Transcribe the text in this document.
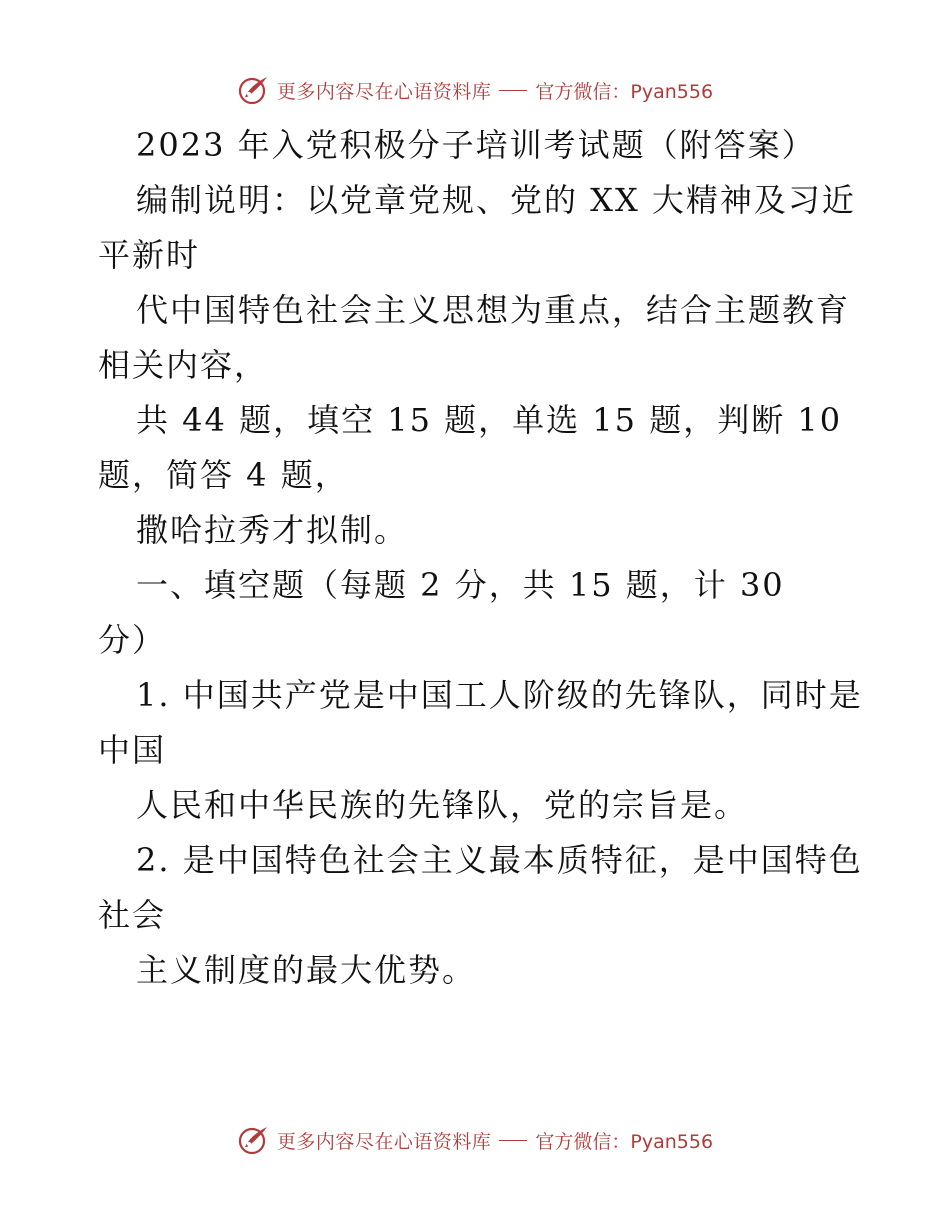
更多内容尽在心语资料库 官方微信：Pyan556
2023 年入党积极分子培训考试题（附答案）
编制说明：以党章党规、党的 XX 大精神及习近
平新时
代中国特色社会主义思想为重点，结合主题教育
相关内容，
共 44 题，填空 15 题，单选 15 题，判断 10
题，简答 4 题，
撒哈拉秀才拟制。
一、填空题（每题 2 分，共 15 题，计 30
分）
1. 中国共产党是中国工人阶级的先锋队，同时是
中国
人民和中华民族的先锋队，党的宗旨是。
2. 是中国特色社会主义最本质特征，是中国特色
社会
主义制度的最大优势。
更多内容尽在心语资料库 官方微信：Pyan556
